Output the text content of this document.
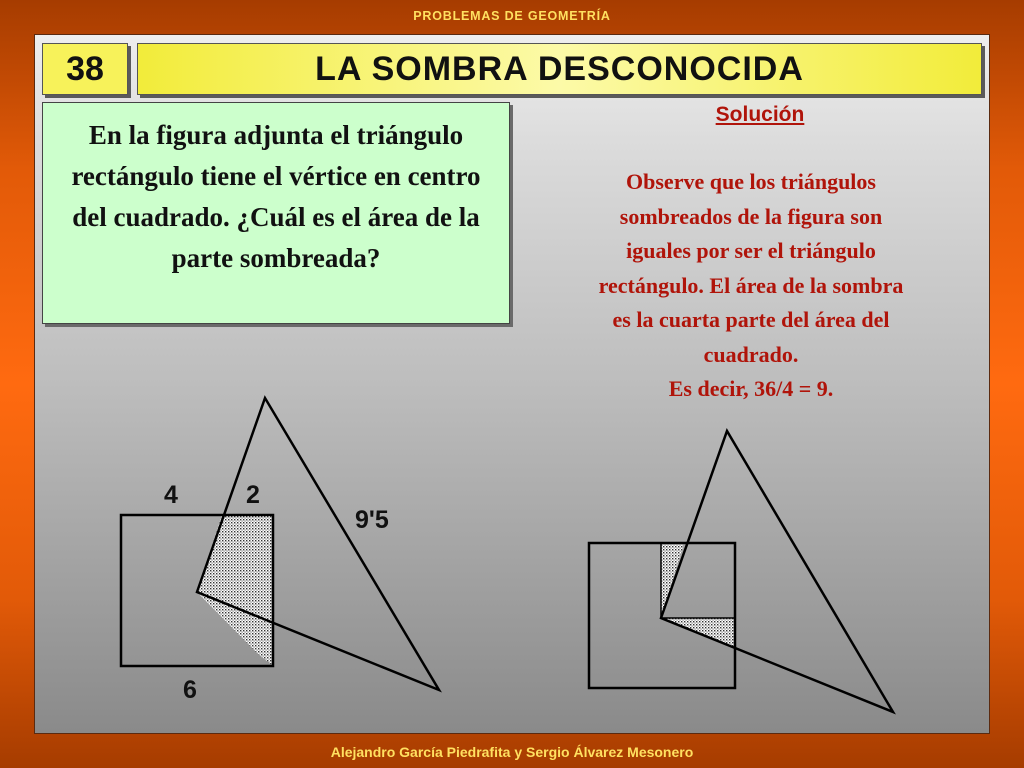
PROBLEMAS DE GEOMETRÍA
38	LA SOMBRA DESCONOCIDA
En la figura adjunta el triángulo rectángulo tiene el vértice en centro del cuadrado. ¿Cuál es el área de la parte sombreada?
Solución
Observe que los triángulos
sombreados de la figura son
iguales por ser el triángulo
rectángulo. El área de la sombra
es la cuarta parte del área del
cuadrado.
Es decir, 36/4 = 9.
4	2
9'5
6
Alejandro García Piedrafita y Sergio Álvarez Mesonero
